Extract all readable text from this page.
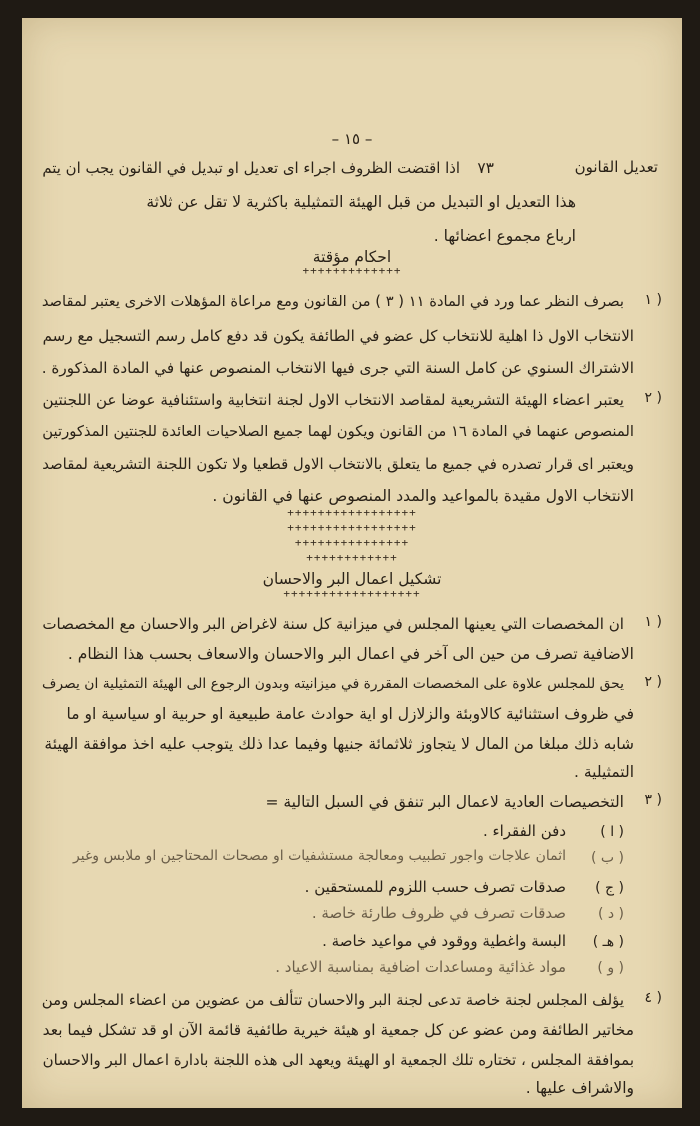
– ١٥ –
تعديل القانون
٧٣
اذا اقتضت الظروف اجراء اى تعديل او تبديل في القانون يجب ان يتم
هذا التعديل او التبديل من قبل الهيئة التمثيلية باكثرية لا تقل عن ثلاثة
ارباع مجموع اعضائها .
احكام مؤقتة
+++++++++++++
١ )
بصرف النظر عما ورد في المادة ١١ ( ٣ ) من القانون ومع مراعاة المؤهلات الاخرى يعتبر لمقاصد
الانتخاب الاول ذا اهلية للانتخاب كل عضو في الطائفة يكون قد دفع كامل رسم التسجيل مع رسم
الاشتراك السنوي عن كامل السنة التي جرى فيها الانتخاب المنصوص عنها في المادة المذكورة .
٢ )
يعتبر اعضاء الهيئة التشريعية لمقاصد الانتخاب الاول لجنة انتخابية واستئنافية عوضا عن اللجنتين
المنصوص عنهما في المادة ١٦ من القانون ويكون لهما جميع الصلاحيات العائدة للجنتين المذكورتين
ويعتبر اى قرار تصدره في جميع ما يتعلق بالانتخاب الاول قطعيا ولا تكون اللجنة التشريعية لمقاصد
الانتخاب الاول مقيدة بالمواعيد والمدد المنصوص عنها في القانون .
+++++++++++++++++
+++++++++++++++++
+++++++++++++++
++++++++++++
تشكيل اعمال البر والاحسان
++++++++++++++++++
١ )
ان المخصصات التي يعينها المجلس في ميزانية كل سنة لاغراض البر والاحسان مع المخصصات
الاضافية تصرف من حين الى آخر في اعمال البر والاحسان والاسعاف بحسب هذا النظام .
٢ )
يحق للمجلس علاوة على المخصصات المقررة في ميزانيته وبدون الرجوع الى الهيئة التمثيلية ان يصرف
في ظروف استثنائية كالاوبئة والزلازل او اية حوادث عامة طبيعية او حربية او سياسية او ما
شابه ذلك مبلغا من المال لا يتجاوز ثلاثمائة جنيها وفيما عدا ذلك يتوجب عليه اخذ موافقة الهيئة
التمثيلية .
٣ )
التخصيصات العادية لاعمال البر تنفق في السبل التالية =
( ا )
دفن الفقراء .
( ب )
اثمان علاجات واجور تطبيب ومعالجة مستشفيات او مصحات المحتاجين او ملابس وغير
( ج )
صدقات تصرف حسب اللزوم للمستحقين .
( د )
صدقات تصرف في ظروف طارئة خاصة .
( هـ )
البسة واغطية ووقود في مواعيد خاصة .
( و )
مواد غذائية ومساعدات اضافية بمناسبة الاعياد .
٤ )
يؤلف المجلس لجنة خاصة تدعى لجنة البر والاحسان تتألف من عضوين من اعضاء المجلس ومن
مخاتير الطائفة ومن عضو عن كل جمعية او هيئة خيرية طائفية قائمة الآن او قد تشكل فيما بعد
بموافقة المجلس ، تختاره تلك الجمعية او الهيئة ويعهد الى هذه اللجنة بادارة اعمال البر والاحسان
والاشراف عليها .
